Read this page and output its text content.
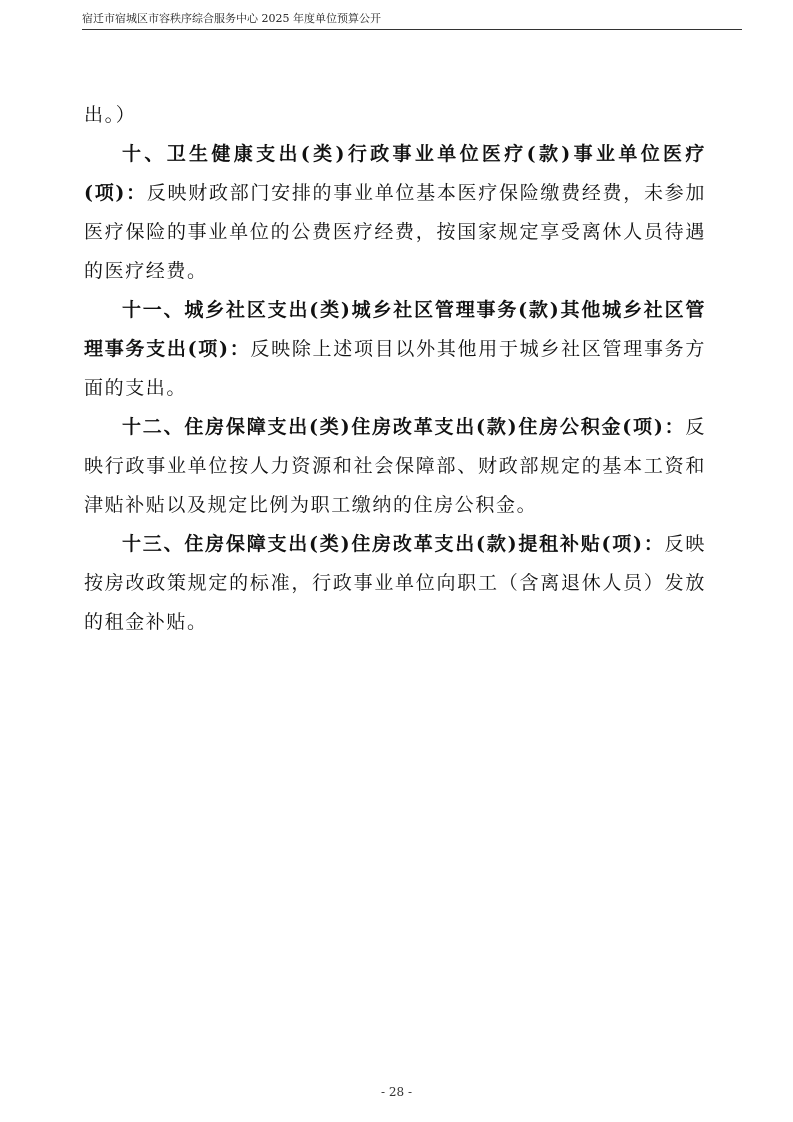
宿迁市宿城区市容秩序综合服务中心 2025 年度单位预算公开

出。）

十、卫生健康支出(类)行政事业单位医疗(款)事业单位医疗(项)：反映财政部门安排的事业单位基本医疗保险缴费经费，未参加医疗保险的事业单位的公费医疗经费，按国家规定享受离休人员待遇的医疗经费。

十一、城乡社区支出(类)城乡社区管理事务(款)其他城乡社区管理事务支出(项)：反映除上述项目以外其他用于城乡社区管理事务方面的支出。

十二、住房保障支出(类)住房改革支出(款)住房公积金(项)：反映行政事业单位按人力资源和社会保障部、财政部规定的基本工资和津贴补贴以及规定比例为职工缴纳的住房公积金。

十三、住房保障支出(类)住房改革支出(款)提租补贴(项)：反映按房改政策规定的标准，行政事业单位向职工（含离退休人员）发放的租金补贴。

- 28 -
